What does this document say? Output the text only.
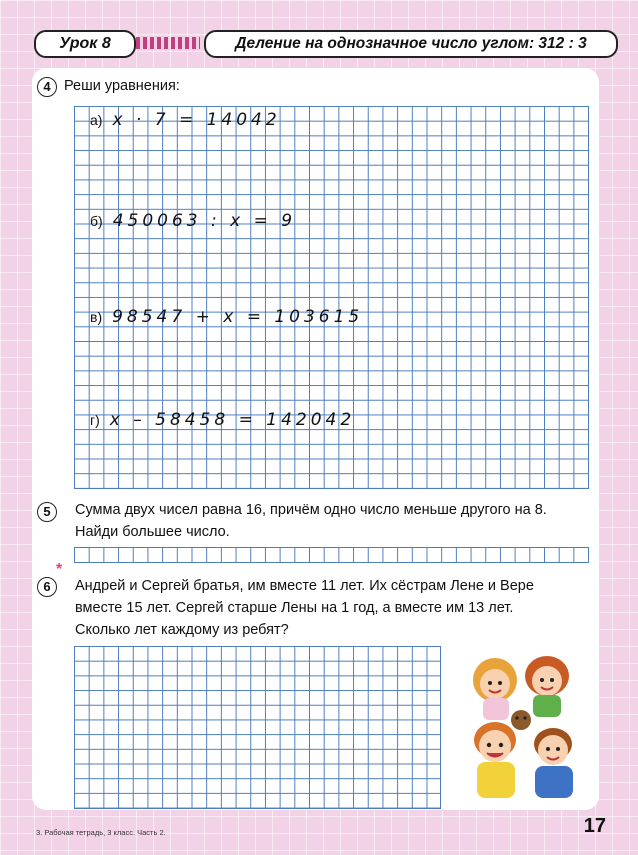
Урок 8	Деление на однозначное число углом: 312 : 3
4 Реши уравнения:
а) x · 7 = 14042
б) 450063 : x = 9
в) 98547 + x = 103615
г) x – 58458 = 142042
5	Сумма двух чисел равна 16, причём одно число меньше другого на 8.
Найди большее число.
*
6	Андрей и Сергей братья, им вместе 11 лет. Их сёстрам Лене и Вере
вместе 15 лет. Сергей старше Лены на 1 год, а вместе им 13 лет.
Сколько лет каждому из ребят?
3. Рабочая тетрадь, 3 класс. Часть 2.	17
